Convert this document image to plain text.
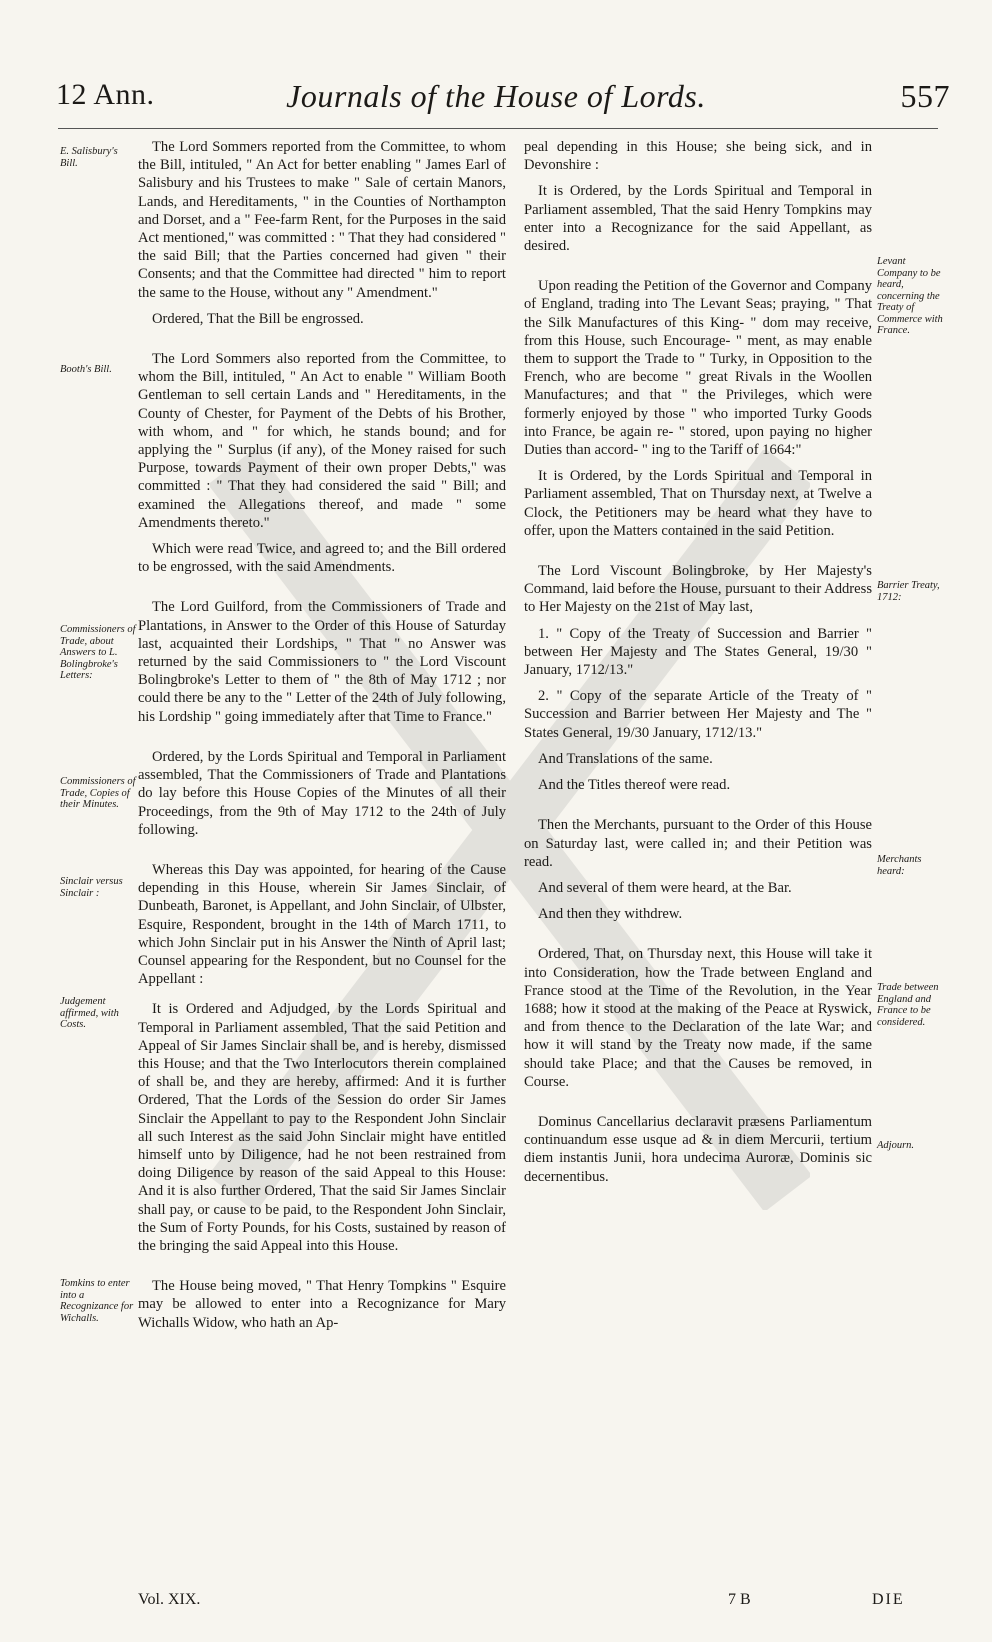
12 Ann.	Journals of the House of Lords.	557

The Lord Sommers reported from the Committee, to whom the Bill, intituled, " An Act for better enabling " James Earl of Salisbury and his Trustees to make " Sale of certain Manors, Lands, and Hereditaments, " in the Counties of Northampton and Dorset, and a " Fee-farm Rent, for the Purposes in the said Act mentioned," was committed : " That they had considered " the said Bill; that the Parties concerned had given " their Consents; and that the Committee had directed " him to report the same to the House, without any " Amendment."

Ordered, That the Bill be engrossed.

The Lord Sommers also reported from the Committee, to whom the Bill, intituled, " An Act to enable " William Booth Gentleman to sell certain Lands and " Hereditaments, in the County of Chester, for Payment of the Debts of his Brother, with whom, and " for which, he stands bound; and for applying the " Surplus (if any), of the Money raised for such Purpose, towards Payment of their own proper Debts," was committed : " That they had considered the said " Bill; and examined the Allegations thereof, and made " some Amendments thereto."

Which were read Twice, and agreed to; and the Bill ordered to be engrossed, with the said Amendments.

The Lord Guilford, from the Commissioners of Trade and Plantations, in Answer to the Order of this House of Saturday last, acquainted their Lordships, " That " no Answer was returned by the said Commissioners to " the Lord Viscount Bolingbroke's Letter to them of " the 8th of May 1712 ; nor could there be any to the " Letter of the 24th of July following, his Lordship " going immediately after that Time to France."

Ordered, by the Lords Spiritual and Temporal in Parliament assembled, That the Commissioners of Trade and Plantations do lay before this House Copies of the Minutes of all their Proceedings, from the 9th of May 1712 to the 24th of July following.

Whereas this Day was appointed, for hearing of the Cause depending in this House, wherein Sir James Sinclair, of Dunbeath, Baronet, is Appellant, and John Sinclair, of Ulbster, Esquire, Respondent, brought in the 14th of March 1711, to which John Sinclair put in his Answer the Ninth of April last; Counsel appearing for the Respondent, but no Counsel for the Appellant :

It is Ordered and Adjudged, by the Lords Spiritual and Temporal in Parliament assembled, That the said Petition and Appeal of Sir James Sinclair shall be, and is hereby, dismissed this House; and that the Two Interlocutors therein complained of shall be, and they are hereby, affirmed: And it is further Ordered, That the Lords of the Session do order Sir James Sinclair the Appellant to pay to the Respondent John Sinclair all such Interest as the said John Sinclair might have entitled himself unto by Diligence, had he not been restrained from doing Diligence by reason of the said Appeal to this House: And it is also further Ordered, That the said Sir James Sinclair shall pay, or cause to be paid, to the Respondent John Sinclair, the Sum of Forty Pounds, for his Costs, sustained by reason of the bringing the said Appeal into this House.

The House being moved, " That Henry Tompkins " Esquire may be allowed to enter into a Recognizance for Mary Wichalls Widow, who hath an Ap-

E. Salisbury's Bill.
Booth's Bill.
Commissioners of Trade, about Answers to L. Bolingbroke's Letters:
Commissioners of Trade, Copies of their Minutes.
Sinclair versus Sinclair :
Judgement affirmed, with Costs.
Tomkins to enter into a Recognizance for Wichalls.

peal depending in this House; she being sick, and in Devonshire :

It is Ordered, by the Lords Spiritual and Temporal in Parliament assembled, That the said Henry Tompkins may enter into a Recognizance for the said Appellant, as desired.

Upon reading the Petition of the Governor and Company of England, trading into The Levant Seas; praying, " That the Silk Manufactures of this King- " dom may receive, from this House, such Encourage- " ment, as may enable them to support the Trade to " Turky, in Opposition to the French, who are become " great Rivals in the Woollen Manufactures; and that " the Privileges, which were formerly enjoyed by those " who imported Turky Goods into France, be again re- " stored, upon paying no higher Duties than accord- " ing to the Tariff of 1664:"

It is Ordered, by the Lords Spiritual and Temporal in Parliament assembled, That on Thursday next, at Twelve a Clock, the Petitioners may be heard what they have to offer, upon the Matters contained in the said Petition.

The Lord Viscount Bolingbroke, by Her Majesty's Command, laid before the House, pursuant to their Address to Her Majesty on the 21st of May last,

1. " Copy of the Treaty of Succession and Barrier " between Her Majesty and The States General, 19/30 " January, 1712/13."

2. " Copy of the separate Article of the Treaty of " Succession and Barrier between Her Majesty and The " States General, 19/30 January, 1712/13."

And Translations of the same.

And the Titles thereof were read.

Then the Merchants, pursuant to the Order of this House on Saturday last, were called in; and their Petition was read.

And several of them were heard, at the Bar.

And then they withdrew.

Ordered, That, on Thursday next, this House will take it into Consideration, how the Trade between England and France stood at the Time of the Revolution, in the Year 1688; how it stood at the making of the Peace at Ryswick, and from thence to the Declaration of the late War; and how it will stand by the Treaty now made, if the same should take Place; and that the Causes be removed, in Course.

Dominus Cancellarius declaravit præsens Parliamentum continuandum esse usque ad & in diem Mercurii, tertium diem instantis Junii, hora undecima Auroræ, Dominis sic decernentibus.

Levant Company to be heard, concerning the Treaty of Commerce with France.
Barrier Treaty, 1712:
Merchants heard:
Trade between England and France to be considered.
Adjourn.
Vol. XIX.	7 B	DIE
